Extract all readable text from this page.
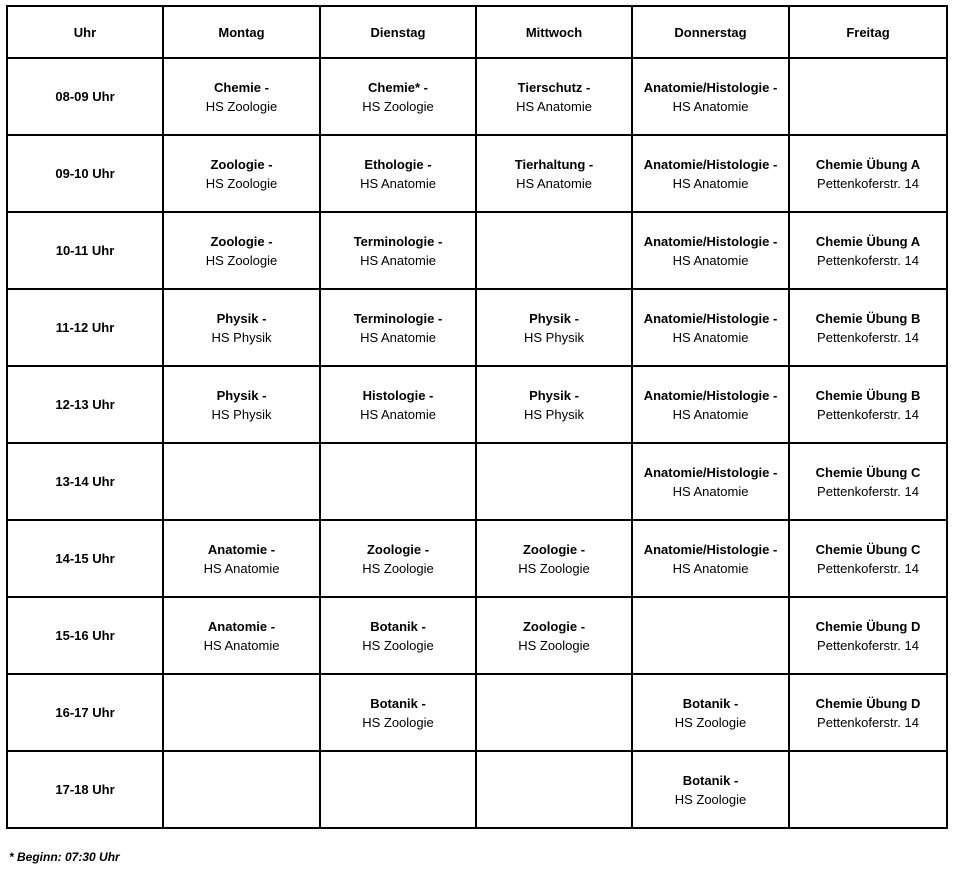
Uhr	Montag	Dienstag	Mittwoch	Donnerstag	Freitag
08-09 Uhr	Chemie -
HS Zoologie	Chemie* -
HS Zoologie	Tierschutz -
HS Anatomie	Anatomie/Histologie -
HS Anatomie	

09-10 Uhr	Zoologie -
HS Zoologie	Ethologie -
HS Anatomie	Tierhaltung -
HS Anatomie	Anatomie/Histologie -
HS Anatomie	Chemie Übung A
Pettenkoferstr. 14

10-11 Uhr	Zoologie -
HS Zoologie	Terminologie -
HS Anatomie		Anatomie/Histologie -
HS Anatomie	Chemie Übung A
Pettenkoferstr. 14

11-12 Uhr	Physik -
HS Physik	Terminologie -
HS Anatomie	Physik -
HS Physik	Anatomie/Histologie -
HS Anatomie	Chemie Übung B
Pettenkoferstr. 14

12-13 Uhr	Physik -
HS Physik	Histologie -
HS Anatomie	Physik -
HS Physik	Anatomie/Histologie -
HS Anatomie	Chemie Übung B
Pettenkoferstr. 14

13-14 Uhr				Anatomie/Histologie -
HS Anatomie	Chemie Übung C
Pettenkoferstr. 14

14-15 Uhr	Anatomie -
HS Anatomie	Zoologie -
HS Zoologie	Zoologie -
HS Zoologie	Anatomie/Histologie -
HS Anatomie	Chemie Übung C
Pettenkoferstr. 14

15-16 Uhr	Anatomie -
HS Anatomie	Botanik -
HS Zoologie	Zoologie -
HS Zoologie		Chemie Übung D
Pettenkoferstr. 14

16-17 Uhr		Botanik -
HS Zoologie		Botanik -
HS Zoologie	Chemie Übung D
Pettenkoferstr. 14

17-18 Uhr				Botanik -
HS Zoologie	

* Beginn: 07:30 Uhr
